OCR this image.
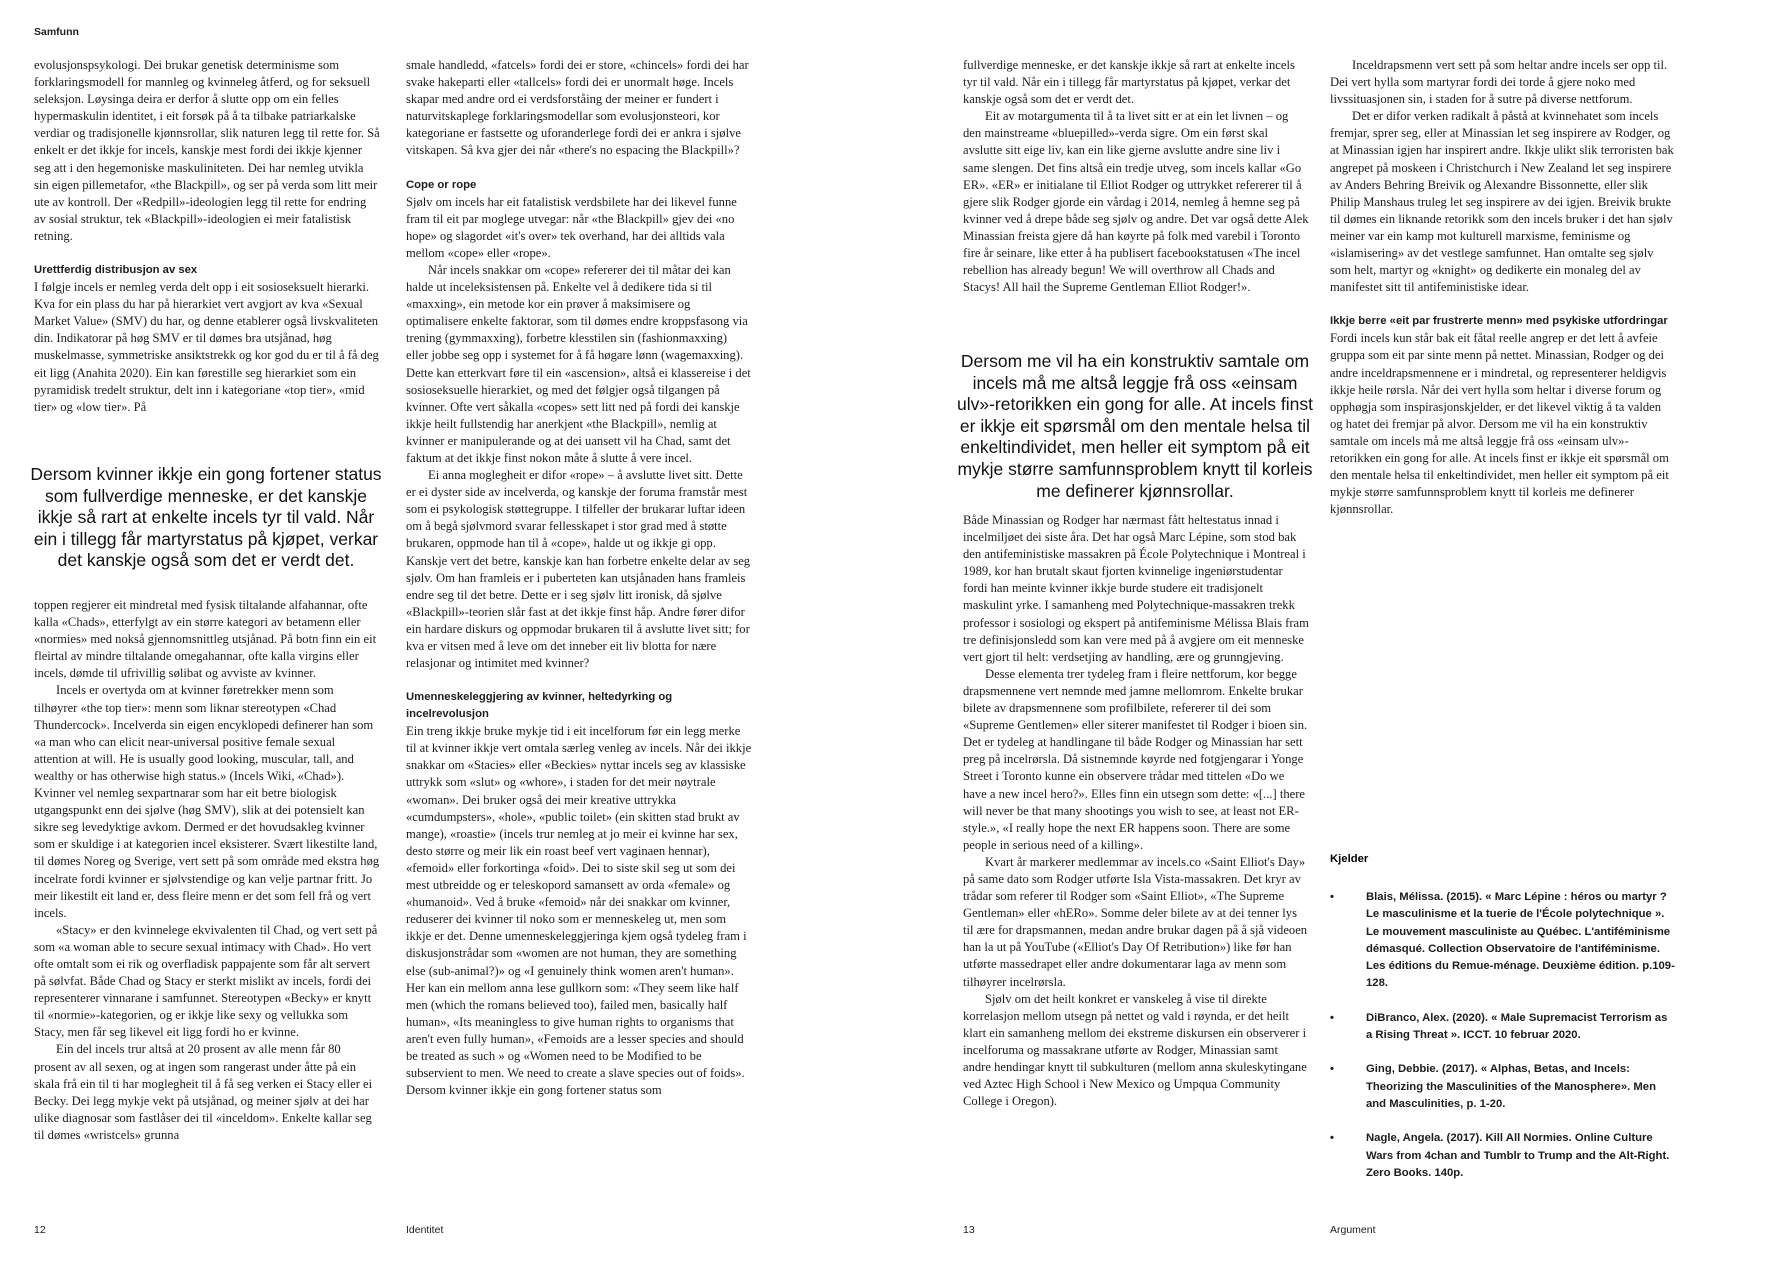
Samfunn

evolusjonspsykologi. Dei brukar genetisk determinisme som forklaringsmodell for mannleg og kvinneleg åtferd, og for seksuell seleksjon. Løysinga deira er derfor å slutte opp om ein felles hypermaskulin identitet, i eit forsøk på å ta tilbake patriarkalske verdiar og tradisjonelle kjønnsrollar, slik naturen legg til rette for. Så enkelt er det ikkje for incels, kanskje mest fordi dei ikkje kjenner seg att i den hegemoniske maskuliniteten. Dei har nemleg utvikla sin eigen pillemetafor, «the Blackpill», og ser på verda som litt meir ute av kontroll. Der «Redpill»-ideologien legg til rette for endring av sosial struktur, tek «Blackpill»-ideologien ei meir fatalistisk retning.

Urettferdig distribusjon av sex

I følgje incels er nemleg verda delt opp i eit sosioseksuelt hierarki. Kva for ein plass du har på hierarkiet vert avgjort av kva «Sexual Market Value» (SMV) du har, og denne etablerer også livskvaliteten din. Indikatorar på høg SMV er til dømes bra utsjånad, høg muskelmasse, symmetriske ansiktstrekk og kor god du er til å få deg eit ligg (Anahita 2020). Ein kan førestille seg hierarkiet som ein pyramidisk tredelt struktur, delt inn i kategoriane «top tier», «mid tier» og «low tier». På

Dersom kvinner ikkje ein gong fortener status som fullverdige menneske, er det kanskje ikkje så rart at enkelte incels tyr til vald. Når ein i tillegg får martyrstatus på kjøpet, verkar det kanskje også som det er verdt det.

toppen regjerer eit mindretal med fysisk tiltalande alfahannar, ofte kalla «Chads», etterfylgt av ein større kategori av betamenn eller «normies» med nokså gjennomsnittleg utsjånad. På botn finn ein eit fleirtal av mindre tiltalande omegahannar, ofte kalla virgins eller incels, dømde til ufrivillig sølibat og avviste av kvinner.

Incels er overtyda om at kvinner føretrekker menn som tilhøyrer «the top tier»: menn som liknar stereotypen «Chad Thundercock». Incelverda sin eigen encyklopedi definerer han som «a man who can elicit near-universal positive female sexual attention at will. He is usually good looking, muscular, tall, and wealthy or has otherwise high status.» (Incels Wiki, «Chad»). Kvinner vel nemleg sexpartnarar som har eit betre biologisk utgangspunkt enn dei sjølve (høg SMV), slik at dei potensielt kan sikre seg levedyktige avkom. Dermed er det hovudsakleg kvinner som er skuldige i at kategorien incel eksisterer. Svært likestilte land, til dømes Noreg og Sverige, vert sett på som område med ekstra høg incelrate fordi kvinner er sjølvstendige og kan velje partnar fritt. Jo meir likestilt eit land er, dess fleire menn er det som fell frå og vert incels.

«Stacy» er den kvinnelege ekvivalenten til Chad, og vert sett på som «a woman able to secure sexual intimacy with Chad». Ho vert ofte omtalt som ei rik og overfladisk pappajente som får alt servert på sølvfat. Både Chad og Stacy er sterkt mislikt av incels, fordi dei representerer vinnarane i samfunnet. Stereotypen «Becky» er knytt til «normie»-kategorien, og er ikkje like sexy og vellukka som Stacy, men får seg likevel eit ligg fordi ho er kvinne.

Ein del incels trur altså at 20 prosent av alle menn får 80 prosent av all sexen, og at ingen som rangerast under åtte på ein skala frå ein til ti har moglegheit til å få seg verken ei Stacy eller ei Becky. Dei legg mykje vekt på utsjånad, og meiner sjølv at dei har ulike diagnosar som fastlåser dei til «inceldom». Enkelte kallar seg til dømes «wristcels» grunna

smale handledd, «fatcels» fordi dei er store, «chincels» fordi dei har svake hakeparti eller «tallcels» fordi dei er unormalt høge. Incels skapar med andre ord ei verdsforståing der meiner er fundert i naturvitskaplege forklaringsmodellar som evolusjonsteori, kor kategoriane er fastsette og uforanderlege fordi dei er ankra i sjølve vitskapen. Så kva gjer dei når «there's no espacing the Blackpill»?

Cope or rope

Sjølv om incels har eit fatalistisk verdsbilete har dei likevel funne fram til eit par moglege utvegar: når «the Blackpill» gjev dei «no hope» og slagordet «it's over» tek overhand, har dei alltids vala mellom «cope» eller «rope».

Når incels snakkar om «cope» refererer dei til måtar dei kan halde ut inceleksistensen på. Enkelte vel å dedikere tida si til «maxxing», ein metode kor ein prøver å maksimisere og optimalisere enkelte faktorar, som til dømes endre kroppsfasong via trening (gymmaxxing), forbetre klesstilen sin (fashionmaxxing) eller jobbe seg opp i systemet for å få høgare lønn (wagemaxxing). Dette kan etterkvart føre til ein «ascension», altså ei klassereise i det sosioseksuelle hierarkiet, og med det følgjer også tilgangen på kvinner. Ofte vert såkalla «copes» sett litt ned på fordi dei kanskje ikkje heilt fullstendig har anerkjent «the Blackpill», nemlig at kvinner er manipulerande og at dei uansett vil ha Chad, samt det faktum at det ikkje finst nokon måte å slutte å vere incel.

Ei anna moglegheit er difor «rope» – å avslutte livet sitt. Dette er ei dyster side av incelverda, og kanskje der foruma framstår mest som ei psykologisk støttegruppe. I tilfeller der brukarar luftar ideen om å begå sjølvmord svarar fellesskapet i stor grad med å støtte brukaren, oppmode han til å «cope», halde ut og ikkje gi opp. Kanskje vert det betre, kanskje kan han forbetre enkelte delar av seg sjølv. Om han framleis er i puberteten kan utsjånaden hans framleis endre seg til det betre. Dette er i seg sjølv litt ironisk, då sjølve «Blackpill»-teorien slår fast at det ikkje finst håp. Andre fører difor ein hardare diskurs og oppmodar brukaren til å avslutte livet sitt; for kva er vitsen med å leve om det inneber eit liv blotta for nære relasjonar og intimitet med kvinner?

Umenneskeleggjering av kvinner, heltedyrking og incelrevolusjon

Ein treng ikkje bruke mykje tid i eit incelforum før ein legg merke til at kvinner ikkje vert omtala særleg venleg av incels. Når dei ikkje snakkar om «Stacies» eller «Beckies» nyttar incels seg av klassiske uttrykk som «slut» og «whore», i staden for det meir nøytrale «woman». Dei bruker også dei meir kreative uttrykka «cumdumpsters», «hole», «public toilet» (ein skitten stad brukt av mange), «roastie» (incels trur nemleg at jo meir ei kvinne har sex, desto større og meir lik ein roast beef vert vaginaen hennar), «femoid» eller forkortinga «foid». Dei to siste skil seg ut som dei mest utbreidde og er teleskopord samansett av orda «female» og «humanoid». Ved å bruke «femoid» når dei snakkar om kvinner, reduserer dei kvinner til noko som er menneskeleg ut, men som ikkje er det. Denne umenneskeleggjeringa kjem også tydeleg fram i diskusjonstrådar som «women are not human, they are something else (sub-animal?)» og «I genuinely think women aren't human». Her kan ein mellom anna lese gullkorn som: «They seem like half men (which the romans believed too), failed men, basically half human», «Its meaningless to give human rights to organisms that aren't even fully human», «Femoids are a lesser species and should be treated as such » og «Women need to be Modified to be subservient to men. We need to create a slave species out of foids». Dersom kvinner ikkje ein gong fortener status som

12	Identitet

fullverdige menneske, er det kanskje ikkje så rart at enkelte incels tyr til vald. Når ein i tillegg får martyrstatus på kjøpet, verkar det kanskje også som det er verdt det.

Eit av motargumenta til å ta livet sitt er at ein let livnen – og den mainstreame «bluepilled»-verda sigre. Om ein først skal avslutte sitt eige liv, kan ein like gjerne avslutte andre sine liv i same slengen. Det fins altså ein tredje utveg, som incels kallar «Go ER». «ER» er initialane til Elliot Rodger og uttrykket refererer til å gjere slik Rodger gjorde ein vårdag i 2014, nemleg å hemne seg på kvinner ved å drepe både seg sjølv og andre. Det var også dette Alek Minassian freista gjere då han køyrte på folk med varebil i Toronto fire år seinare, like etter å ha publisert facebookstatusen «The incel rebellion has already begun! We will overthrow all Chads and Stacys! All hail the Supreme Gentleman Elliot Rodger!».

Dersom me vil ha ein konstruktiv samtale om incels må me altså leggje frå oss «einsam ulv»-retorikken ein gong for alle. At incels finst er ikkje eit spørsmål om den mentale helsa til enkeltindividet, men heller eit symptom på eit mykje større samfunnsproblem knytt til korleis me definerer kjønnsrollar.

Både Minassian og Rodger har nærmast fått heltestatus innad i incelmiljøet dei siste åra. Det har også Marc Lépine, som stod bak den antifeministiske massakren på École Polytechnique i Montreal i 1989, kor han brutalt skaut fjorten kvinnelige ingeniørstudentar fordi han meinte kvinner ikkje burde studere eit tradisjonelt maskulint yrke. I samanheng med Polytechnique-massakren trekk professor i sosiologi og ekspert på antifeminisme Mélissa Blais fram tre definisjonsledd som kan vere med på å avgjere om eit menneske vert gjort til helt: verdsetjing av handling, ære og grunngjeving.

Desse elementa trer tydeleg fram i fleire nettforum, kor begge drapsmennene vert nemnde med jamne mellomrom. Enkelte brukar bilete av drapsmennene som profilbilete, refererer til dei som «Supreme Gentlemen» eller siterer manifestet til Rodger i bioen sin. Det er tydeleg at handlingane til både Rodger og Minassian har sett preg på incelrørsla. Då sistnemnde køyrde ned fotgjengarar i Yonge Street i Toronto kunne ein observere trådar med tittelen «Do we have a new incel hero?». Elles finn ein utsegn som dette: «[...] there will never be that many shootings you wish to see, at least not ER-style.», «I really hope the next ER happens soon. There are some people in serious need of a killing».

Kvart år markerer medlemmar av incels.co «Saint Elliot's Day» på same dato som Rodger utførte Isla Vista-massakren. Det kryr av trådar som referer til Rodger som «Saint Elliot», «The Supreme Gentleman» eller «hERo». Somme deler bilete av at dei tenner lys til ære for drapsmannen, medan andre brukar dagen på å sjå videoen han la ut på YouTube («Elliot's Day Of Retribution») like før han utførte massedrapet eller andre dokumentarar laga av menn som tilhøyrer incelrørsla.

Sjølv om det heilt konkret er vanskeleg å vise til direkte korrelasjon mellom utsegn på nettet og vald i røynda, er det heilt klart ein samanheng mellom dei ekstreme diskursen ein observerer i incelforuma og massakrane utførte av Rodger, Minassian samt andre hendingar knytt til subkulturen (mellom anna skuleskytingane ved Aztec High School i New Mexico og Umpqua Community College i Oregon).

Inceldrapsmenn vert sett på som heltar andre incels ser opp til. Dei vert hylla som martyrar fordi dei torde å gjere noko med livssituasjonen sin, i staden for å sutre på diverse nettforum.

Det er difor verken radikalt å påstå at kvinnehatet som incels fremjar, sprer seg, eller at Minassian let seg inspirere av Rodger, og at Minassian igjen har inspirert andre. Ikkje ulikt slik terroristen bak angrepet på moskeen i Christchurch i New Zealand let seg inspirere av Anders Behring Breivik og Alexandre Bissonnette, eller slik Philip Manshaus truleg let seg inspirere av dei igjen. Breivik brukte til dømes ein liknande retorikk som den incels bruker i det han sjølv meiner var ein kamp mot kulturell marxisme, feminisme og «islamisering» av det vestlege samfunnet. Han omtalte seg sjølv som helt, martyr og «knight» og dedikerte ein monaleg del av manifestet sitt til antifeministiske idear.

Ikkje berre «eit par frustrerte menn» med psykiske utfordringar

Fordi incels kun står bak eit fåtal reelle angrep er det lett å avfeie gruppa som eit par sinte menn på nettet. Minassian, Rodger og dei andre inceldrapsmennene er i mindretal, og representerer heldigvis ikkje heile rørsla. Når dei vert hylla som heltar i diverse forum og opphøgja som inspirasjonskjelder, er det likevel viktig å ta valden og hatet dei fremjar på alvor. Dersom me vil ha ein konstruktiv samtale om incels må me altså leggje frå oss «einsam ulv»-retorikken ein gong for alle. At incels finst er ikkje eit spørsmål om den mentale helsa til enkeltindividet, men heller eit symptom på eit mykje større samfunnsproblem knytt til korleis me definerer kjønnsrollar.

Kjelder

•	Blais, Mélissa. (2015). « Marc Lépine : héros ou martyr ? Le masculinisme et la tuerie de l'École polytechnique ». Le mouvement masculiniste au Québec. L'antiféminisme démasqué. Collection Observatoire de l'antiféminisme. Les éditions du Remue-ménage. Deuxième édition. p.109-128.

•	DiBranco, Alex. (2020). « Male Supremacist Terrorism as a Rising Threat ». ICCT. 10 februar 2020.

•	Ging, Debbie. (2017). « Alphas, Betas, and Incels: Theorizing the Masculinities of the Manosphere». Men and Masculinities, p. 1-20.

•	Nagle, Angela. (2017). Kill All Normies. Online Culture Wars from 4chan and Tumblr to Trump and the Alt-Right. Zero Books. 140p.

13	Argument
